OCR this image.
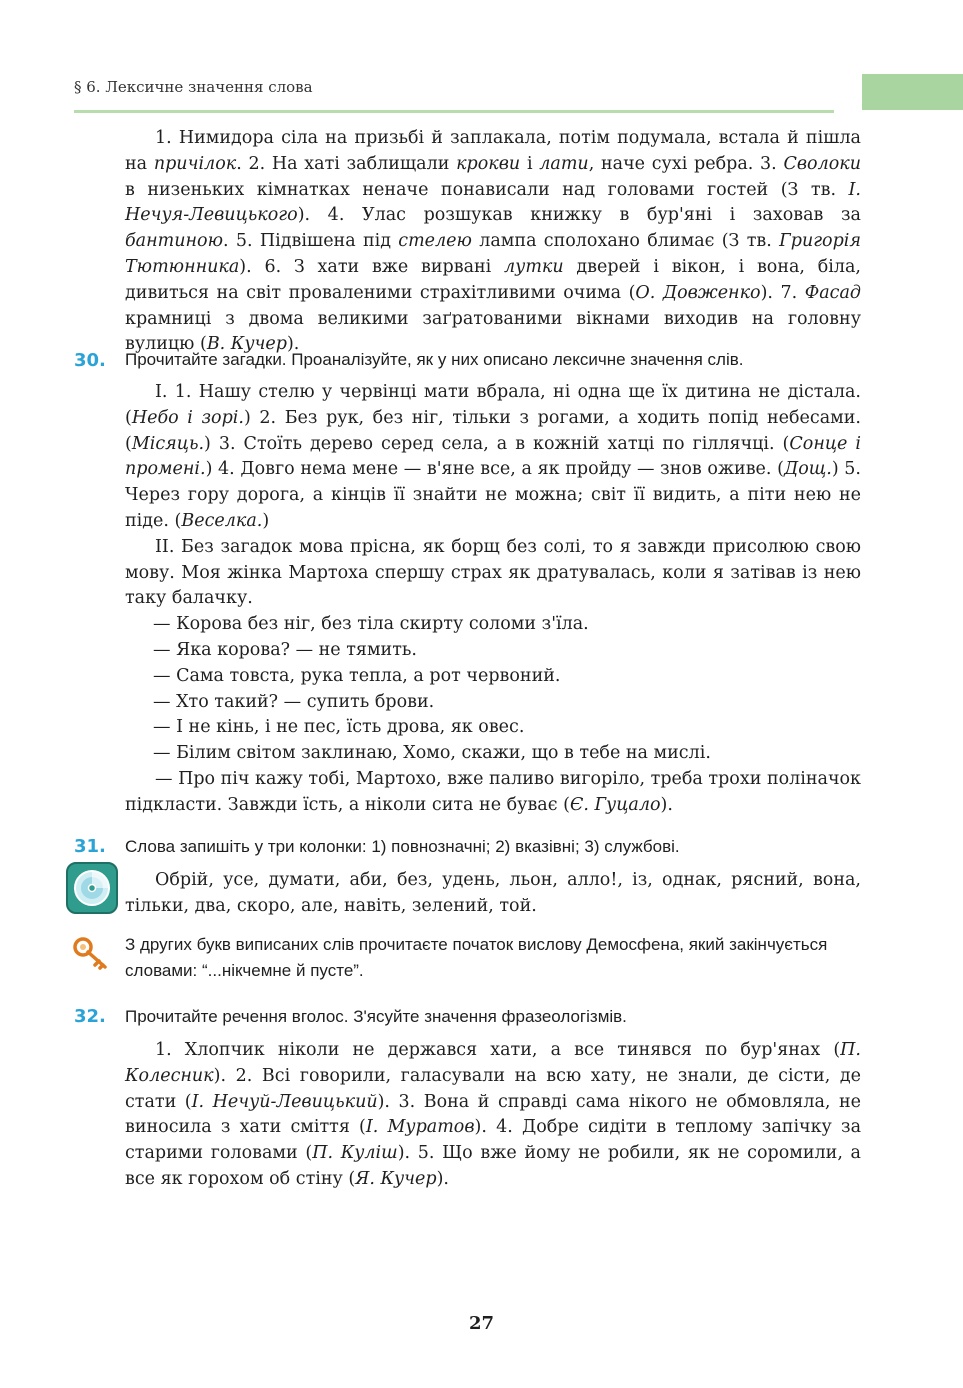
§ 6. Лексичне значення слова

1. Нимидора сіла на призьбі й заплакала, потім подумала, встала й пішла на причілок. 2. На хаті заблищали крокви і лати, наче сухі ребра. 3. Сволоки в низеньких кімнатках неначе понависали над головами гостей (З тв. І. Нечуя-Левицького). 4. Улас розшукав книжку в бур'яні і заховав за бантиною. 5. Підвішена під стелею лампа сполохано блимає (З тв. Григорія Тютюнника). 6. З хати вже вирвані лутки дверей і вікон, і вона, біла, дивиться на світ проваленими страхітливими очима (О. Довженко). 7. Фасад крамниці з двома великими заґратованими вікнами виходив на головну вулицю (В. Кучер).

30. Прочитайте загадки. Проаналізуйте, як у них описано лексичне значення слів.

І. 1. Нашу стелю у червінці мати вбрала, ні одна ще їх дитина не дістала. (Небо і зорі.) 2. Без рук, без ніг, тільки з рогами, а ходить попід небесами. (Місяць.) 3. Стоїть дерево серед села, а в кожній хатці по гіллячці. (Сонце і промені.) 4. Довго нема мене — в'яне все, а як пройду — знов оживе. (Дощ.) 5. Через гору дорога, а кінців її знайти не можна; світ її видить, а піти нею не піде. (Веселка.)

ІІ. Без загадок мова прісна, як борщ без солі, то я завжди присолюю свою мову. Моя жінка Мартоха спершу страх як дратувалась, коли я затівав із нею таку балачку.

— Корова без ніг, без тіла скирту соломи з'їла.

— Яка корова? — не тямить.

— Сама товста, рука тепла, а рот червоний.

— Хто такий? — супить брови.

— І не кінь, і не пес, їсть дрова, як овес.

— Білим світом заклинаю, Хомо, скажи, що в тебе на мислі.

— Про піч кажу тобі, Мартохо, вже паливо вигоріло, треба трохи поліначок підкласти. Завжди їсть, а ніколи сита не буває (Є. Гуцало).

31. Слова запишіть у три колонки: 1) повнозначні; 2) вказівні; 3) службові.

Обрій, усе, думати, аби, без, удень, льон, алло!, із, однак, рясний, вона, тільки, два, скоро, але, навіть, зелений, той.

З других букв виписаних слів прочитаєте початок вислову Демосфена, який закінчується словами: “...нікчемне й пусте”.
32. Прочитайте речення вголос. З'ясуйте значення фразеологізмів.

1. Хлопчик ніколи не держався хати, а все тинявся по бур'янах (П. Колесник). 2. Всі говорили, галасували на всю хату, не знали, де сісти, де стати (І. Нечуй-Левицький). 3. Вона й справді сама нікого не обмовляла, не виносила з хати сміття (І. Муратов). 4. Добре сидіти в теплому запічку за старими головами (П. Куліш). 5. Що вже йому не робили, як не соромили, а все як горохом об стіну (Я. Кучер).

27
